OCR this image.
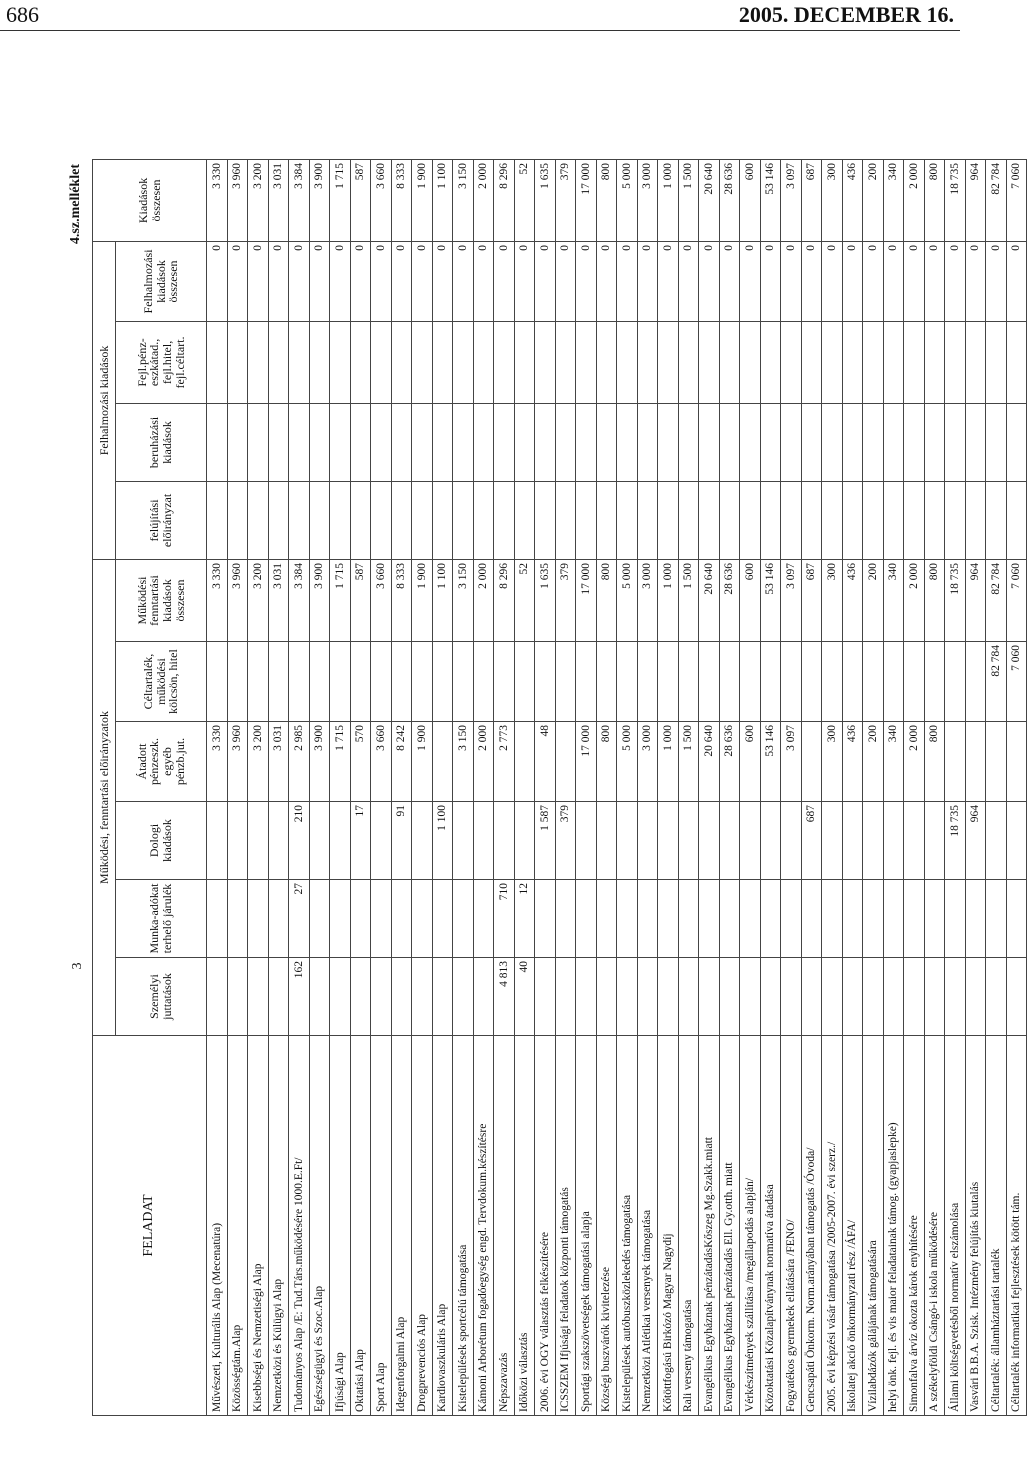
686	2005. DECEMBER 16.
3
4.sz.melléklet
FELADAT	Működési, fenntartási előirányzatok						Felhalmozási kiadások				Kiadások összesen
	Személyi juttatások	Munka-adókat terhelő járulék	Dologi kiadások	Átadott pénzeszk. egyéb pénzb.jut.	Céltartalék, működési kölcsön, hitel	Működési fenntartási kiadások összesen	felújítási előirányzat	beruházási kiadások	Fejl.pénz-eszkátad., fejl.hitel, fejl.céltart.	Felhalmozási kiadások összesen	
Művészeti, Kulturális Alap (Mecenatúra)				3 330		3 330				0	3 330
Közösségtám.Alap				3 960		3 960				0	3 960
Kisebbségi és Nemzetiségi Alap				3 200		3 200				0	3 200
Nemzetközi és Külügyi Alap				3 031		3 031				0	3 031
Tudományos Alap /E: Tud.Társ.működésére 1000.E.Ft/	162	27	210	2 985		3 384				0	3 384
Egészségügyi és Szoc.Alap				3 900		3 900				0	3 900
Ifjúsági Alap				1 715		1 715				0	1 715
Oktatási Alap			17	570		587				0	587
Sport Alap				3 660		3 660				0	3 660
Idegenforgalmi Alap			91	8 242		8 333				0	8 333
Drogprevenciós Alap				1 900		1 900				0	1 900
Kardiovaszkuláris Alap			1 100			1 100				0	1 100
Kistelepülések sportcélú támogatása				3 150		3 150				0	3 150
Kámoni Arborétum fogadóegység engd. Tervdokum.készítésre				2 000		2 000				0	2 000
Népszavazás	4 813	710		2 773		8 296				0	8 296
Időközi választás	40	12				52				0	52
2006. évi OGY választás felkészítésére			1 587	48		1 635				0	1 635
ICSSZEM Ifjúsági feladatok központi támogatás			379			379				0	379
Sportági szakszövetségek támogatási alapja				17 000		17 000				0	17 000
Községi buszvárók kivitelezése				800		800				0	800
Kistelepülések autóbuszközlekedés támogatása				5 000		5 000				0	5 000
Nemzetközi Atlétikai versenyek támogatása				3 000		3 000				0	3 000
Kőtöttfogású Birkózó Magyar Nagydíj				1 000		1 000				0	1 000
Rali verseny támogatása				1 500		1 500				0	1 500
Evangélikus Egyháznak pénzátadásKőszeg Mg.Szakk.miatt				20 640		20 640				0	20 640
Evangélikus Egyháznak pénzátadás Ell. Gy.otth. miatt				28 636		28 636				0	28 636
Vérkészítmények szállítása /megállapodás alapján/				600		600				0	600
Közoktatási Közalapítványnak normatíva átadása				53 146		53 146				0	53 146
Fogyatékos gyermekek ellátására /FENO/				3 097		3 097				0	3 097
Gencsapáti Önkorm. Norm.arányában támogatás /Óvoda/			687			687				0	687
2005. évi képzési vásár támogatása /2005-2007. évi szerz./				300		300				0	300
Iskolatej akció önkormányzati rész /ÁFA/				436		436				0	436
Vízilabdázók gálájának támogatására				200		200				0	200
helyi önk. fejl. és vis maior feladatainak támog. (gyapjaslepke)				340		340				0	340
Simonfalva árvíz okozta károk enyhítésére				2 000		2 000				0	2 000
A székelyföldi Csángó-i iskola működésére				800		800				0	800
Állami költségvetésből normatív elszámolása			18 735			18 735				0	18 735
Vasvári B.B.A. Szisk. Intézmény felújítás kiutalás			964			964				0	964
Céltartalék: államháztartási tartalék					82 784	82 784				0	82 784
Céltartalék informatikai fejlesztések kötött tám.					7 060	7 060				0	7 060
